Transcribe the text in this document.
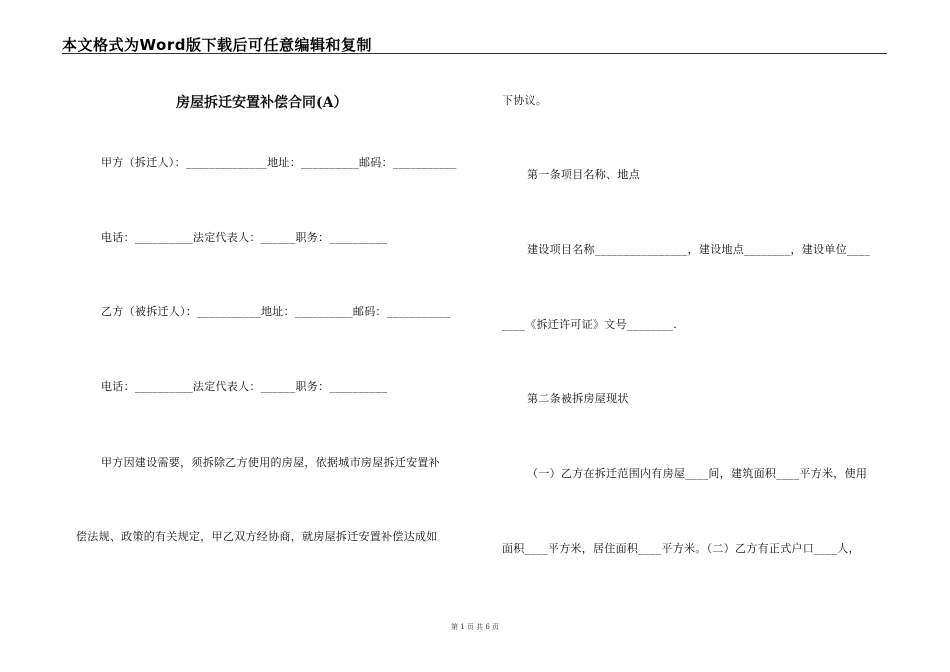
本文格式为Word版下载后可任意编辑和复制
房屋拆迁安置补偿合同(A）
甲方（拆迁人）：______________地址：__________邮码：___________
电话：__________法定代表人：______职务：__________
乙方（被拆迁人）：___________地址：__________邮码：___________
电话：__________法定代表人：______职务：__________
甲方因建设需要，须拆除乙方使用的房屋，依据城市房屋拆迁安置补
偿法规、政策的有关规定，甲乙双方经协商，就房屋拆迁安置补偿达成如
下协议。
第一条项目名称、地点
建设项目名称________________，建设地点________，建设单位____
____《拆迁许可证》文号________.
第二条被拆房屋现状
（一）乙方在拆迁范围内有房屋____间，建筑面积____平方米，使用
面积____平方米，居住面积____平方米。（二）乙方有正式户口____人，
第 1 页 共 6 页
